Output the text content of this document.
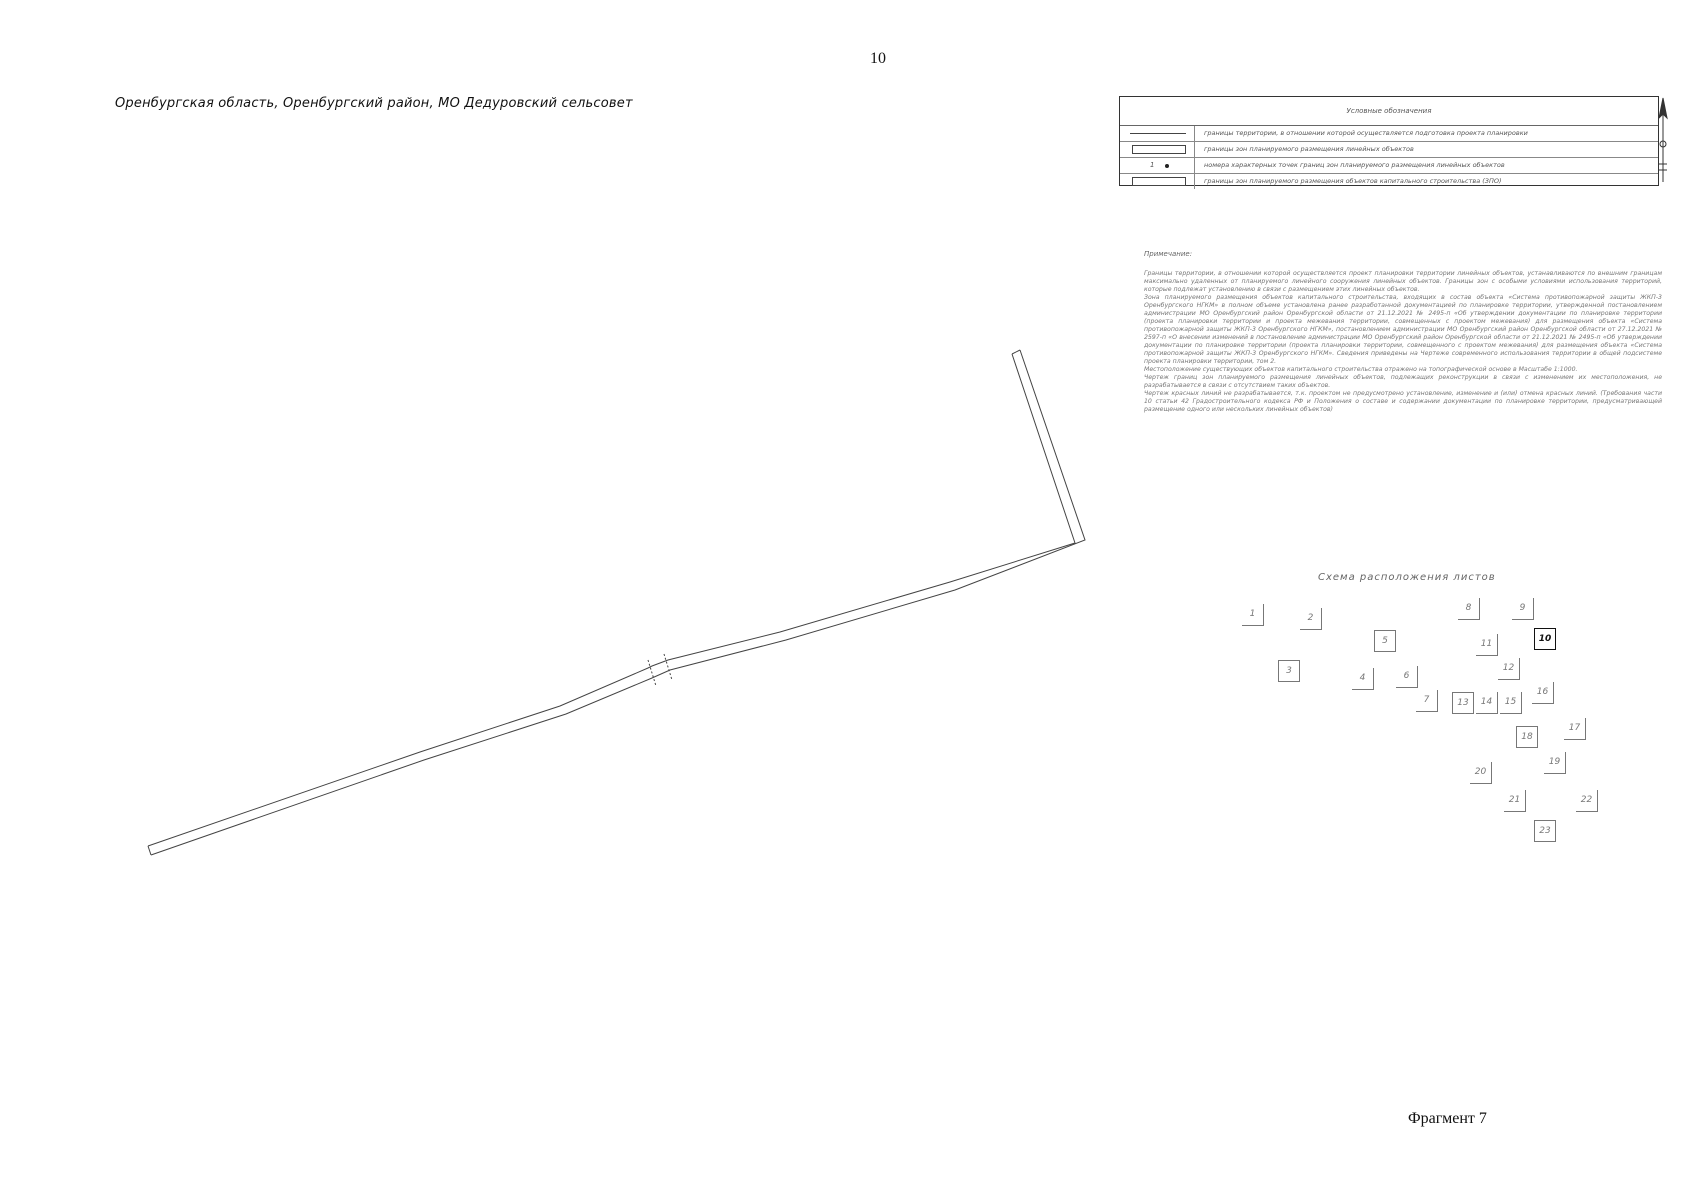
10
Оренбургская область, Оренбургский район, МО Дедуровский сельсовет	Условные обозначения
границы территории, в отношении которой осуществляется подготовка проекта планировки
границы зон планируемого размещения линейных объектов
1	номера характерных точек границ зон планируемого размещения линейных объектов
границы зон планируемого размещения объектов капитального строительства (ЗПО)
Примечание:

Границы территории, в отношении которой осуществляется проект планировки территории линейных объектов, устанавливаются по внешним границам максимально удаленных от планируемого линейного сооружения линейных объектов. Границы зон с особыми условиями использования территорий, которые подлежат установлению в связи с размещением этих линейных объектов.

Зона планируемого размещения объектов капитального строительства, входящих в состав объекта «Система противопожарной защиты ЖКП-3 Оренбургского НГКМ» в полном объеме установлена ранее разработанной документацией по планировке территории, утвержденной постановлением администрации МО Оренбургский район Оренбургской области от 21.12.2021 № 2495-п «Об утверждении документации по планировке территории (проекта планировки территории и проекта межевания территории, совмещенных с проектом межевания) для размещения объекта «Система противопожарной защиты ЖКП-3 Оренбургского НГКМ», постановлением администрации МО Оренбургский район Оренбургской области от 27.12.2021 № 2597-п «О внесении изменений в постановление администрации МО Оренбургский район Оренбургской области от 21.12.2021 № 2495-п «Об утверждении документации по планировке территории (проекта планировки территории, совмещенного с проектом межевания) для размещения объекта «Система противопожарной защиты ЖКП-3 Оренбургского НГКМ». Сведения приведены на Чертеже современного использования территории в общей подсистеме проекта планировки территории, том 2.

Местоположение существующих объектов капитального строительства отражено на топографической основе в Масштабе 1:1000.

Чертеж границ зон планируемого размещения линейных объектов, подлежащих реконструкции в связи с изменением их местоположения, не разрабатывается в связи с отсутствием таких объектов.

Чертеж красных линий не разрабатывается, т.к. проектом не предусмотрено установление, изменение и (или) отмена красных линий. (Требования части 10 статьи 42 Градостроительного кодекса РФ и Положения о составе и содержании документации по планировке территории, предусматривающей размещение одного или нескольких линейных объектов)

Схема расположения листов
1	2
3
4
5
6
7
8	9
10
11
12
13	14	15
16
17
18
19
20
21	22
23
Фрагмент 7
